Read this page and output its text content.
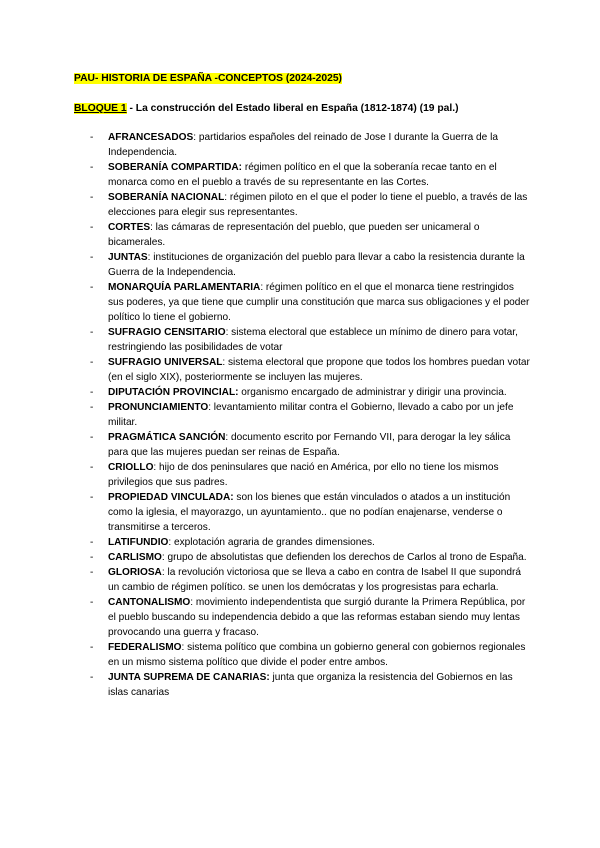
PAU- HISTORIA DE ESPAÑA -CONCEPTOS (2024-2025)
BLOQUE 1 - La construcción del Estado liberal en España (1812-1874) (19 pal.)
- AFRANCESADOS: partidarios españoles del reinado de Jose I durante la Guerra de la Independencia.
- SOBERANÍA COMPARTIDA: régimen político en el que la soberanía recae tanto en el monarca como en el pueblo a través de su representante en las Cortes.
- SOBERANÍA NACIONAL: régimen piloto en el que el poder lo tiene el pueblo, a través de las elecciones para elegir sus representantes.
- CORTES: las cámaras de representación del pueblo, que pueden ser unicameral o bicamerales.
- JUNTAS: instituciones de organización del pueblo para llevar a cabo la resistencia durante la Guerra de la Independencia.
- MONARQUÍA PARLAMENTARIA: régimen político en el que el monarca tiene restringidos sus poderes, ya que tiene que cumplir una constitución que marca sus obligaciones y el poder político lo tiene el gobierno.
- SUFRAGIO CENSITARIO: sistema electoral que establece un mínimo de dinero para votar, restringiendo las posibilidades de votar
- SUFRAGIO UNIVERSAL: sistema electoral que propone que todos los hombres puedan votar (en el siglo XIX), posteriormente se incluyen las mujeres.
- DIPUTACIÓN PROVINCIAL: organismo encargado de administrar y dirigir una provincia.
- PRONUNCIAMIENTO: levantamiento militar contra el Gobierno, llevado a cabo por un jefe militar.
- PRAGMÁTICA SANCIÓN: documento escrito por Fernando VII, para derogar la ley sálica para que las mujeres puedan ser reinas de España.
- CRIOLLO: hijo de dos peninsulares que nació en América, por ello no tiene los mismos privilegios que sus padres.
- PROPIEDAD VINCULADA: son los bienes que están vinculados o atados a un institución como la iglesia, el mayorazgo, un ayuntamiento.. que no podían enajenarse, venderse o transmitirse a terceros.
- LATIFUNDIO: explotación agraria de grandes dimensiones.
- CARLISMO: grupo de absolutistas que defienden los derechos de Carlos al trono de España.
- GLORIOSA: la revolución victoriosa que se lleva a cabo en contra de Isabel II que supondrá un cambio de régimen político. se unen los demócratas y los progresistas para echarla.
- CANTONALISMO: movimiento independentista que surgió durante la Primera República, por el pueblo buscando su independencia debido a que las reformas estaban siendo muy lentas provocando una guerra y fracaso.
- FEDERALISMO: sistema político que combina un gobierno general con gobiernos regionales en un mismo sistema político que divide el poder entre ambos.
- JUNTA SUPREMA DE CANARIAS: junta que organiza la resistencia del Gobiernos en las islas canarias
